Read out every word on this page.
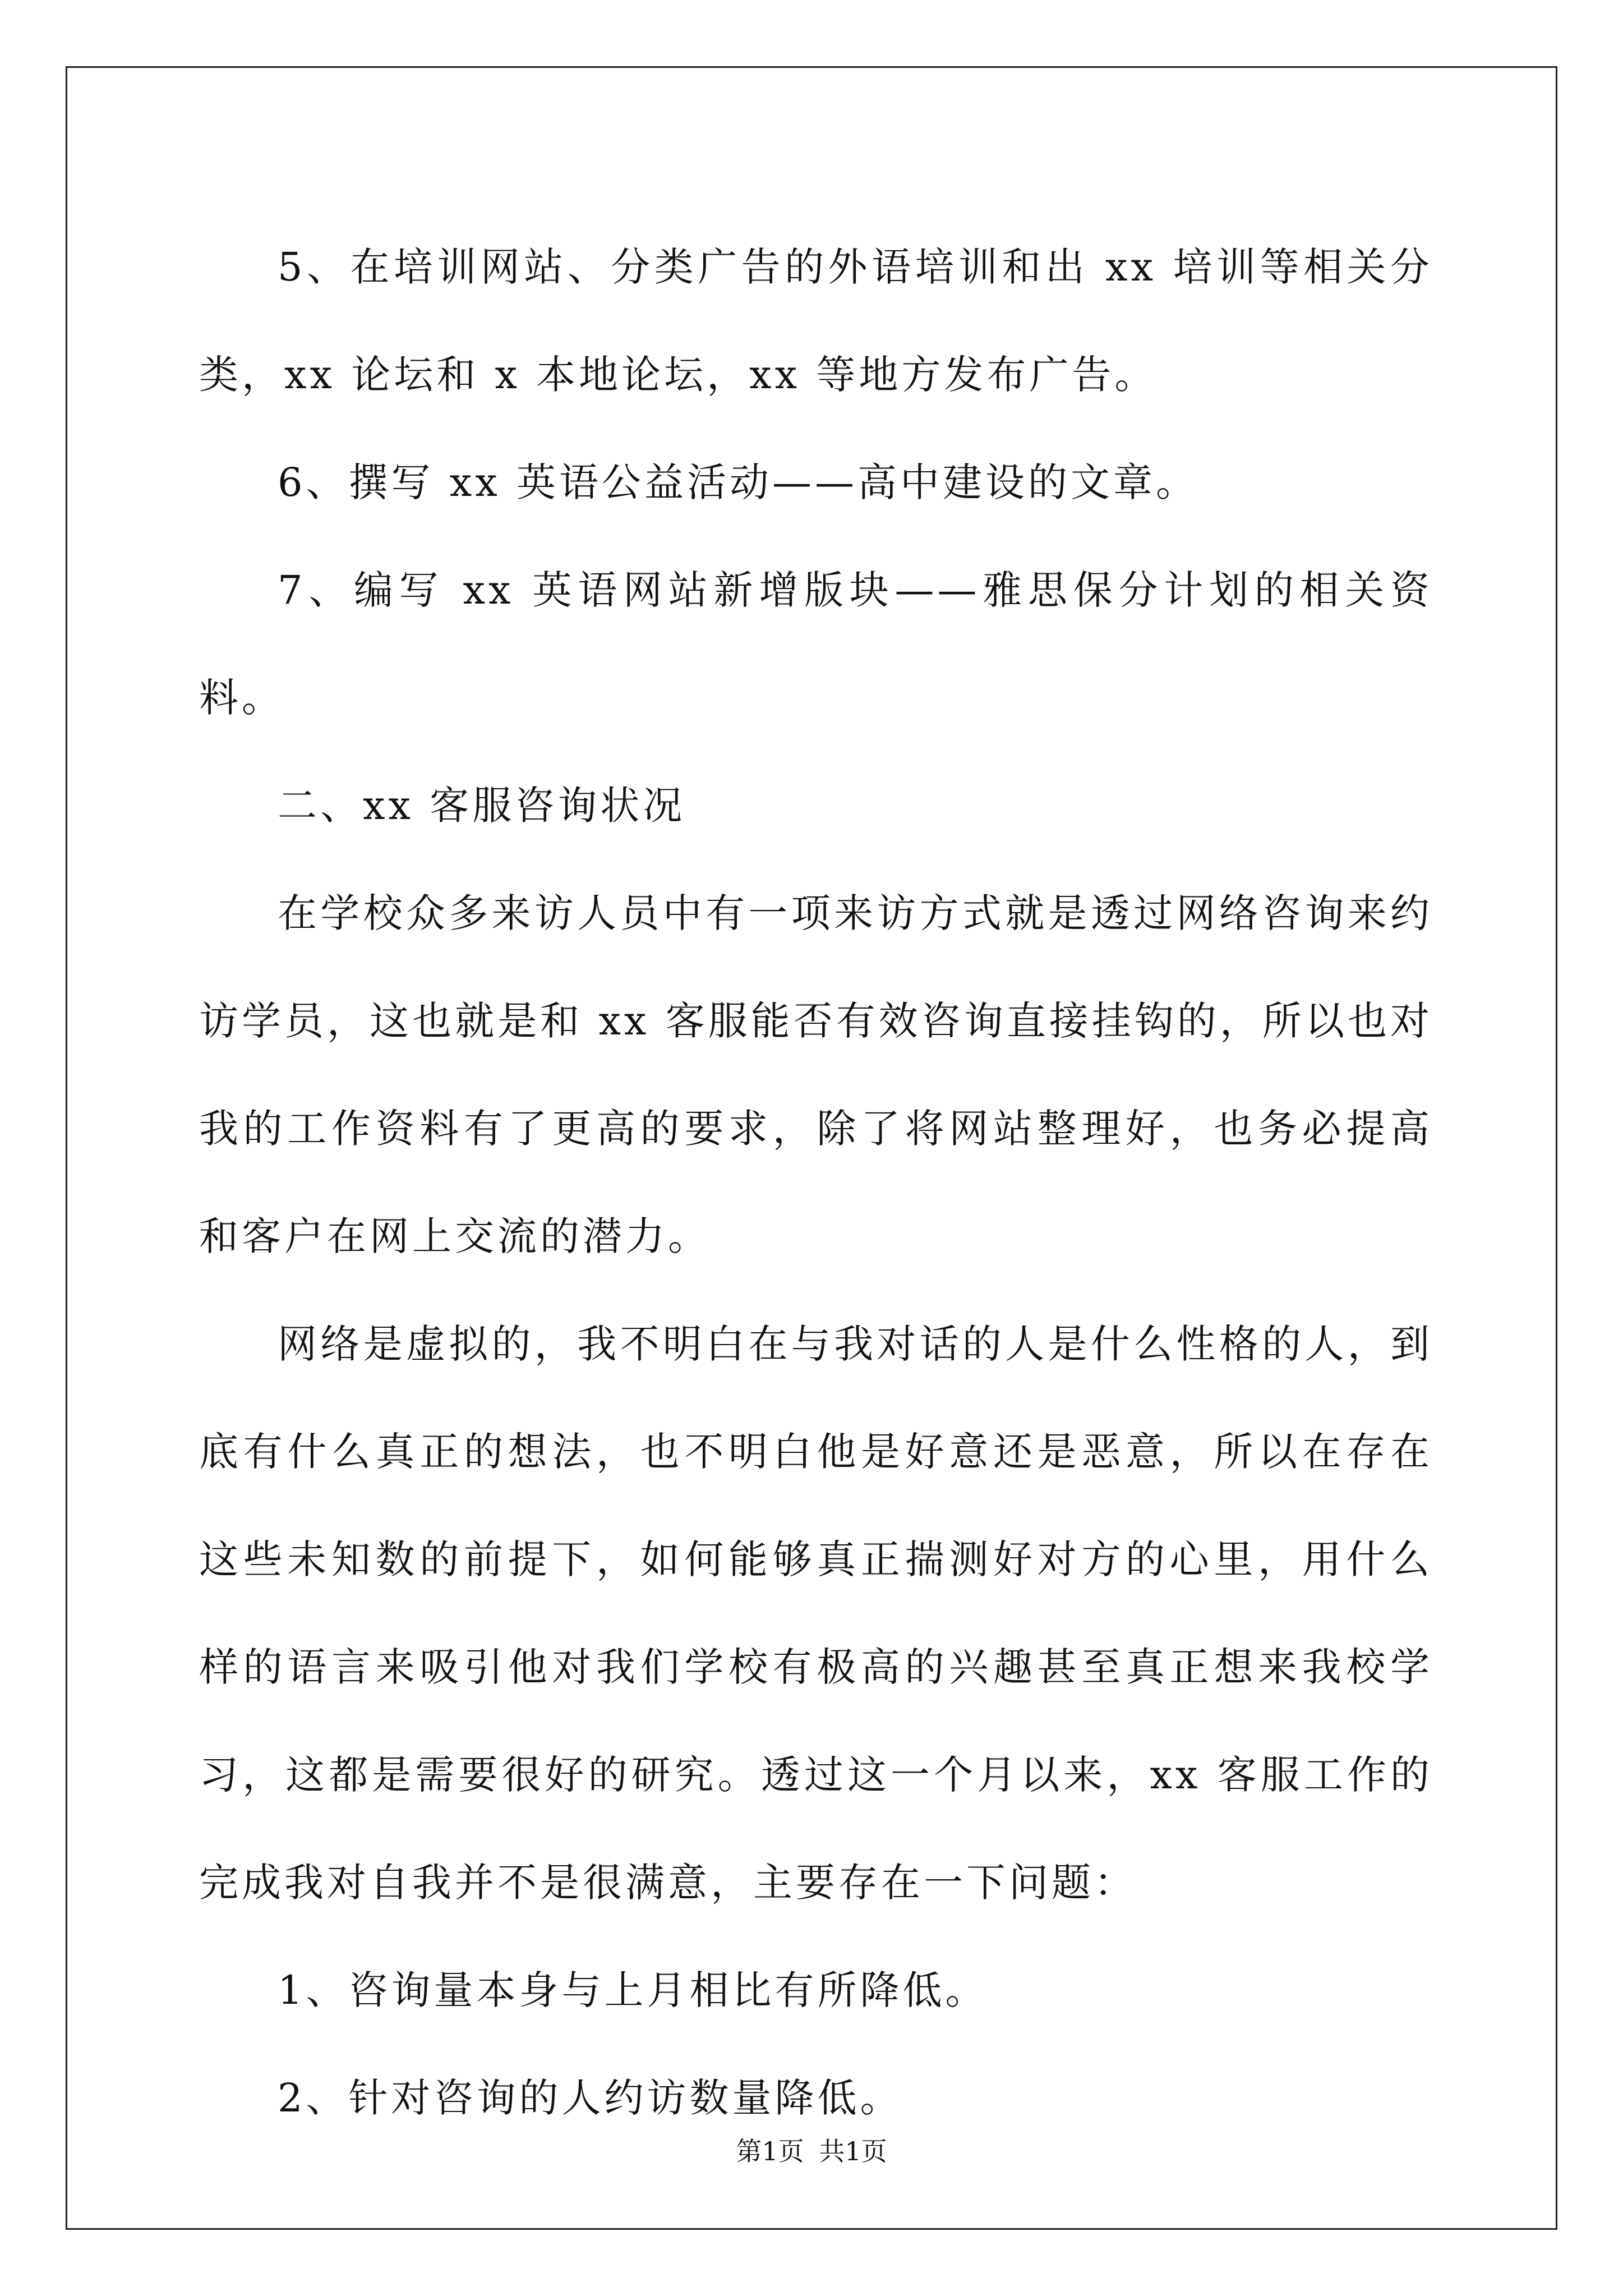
5、在培训网站、分类广告的外语培训和出 xx 培训等相关分类，xx 论坛和 x 本地论坛，xx 等地方发布广告。

6、撰写 xx 英语公益活动——高中建设的文章。

7、编写 xx 英语网站新增版块——雅思保分计划的相关资料。

二、xx 客服咨询状况

在学校众多来访人员中有一项来访方式就是透过网络咨询来约访学员，这也就是和 xx 客服能否有效咨询直接挂钩的，所以也对我的工作资料有了更高的要求，除了将网站整理好，也务必提高和客户在网上交流的潜力。

网络是虚拟的，我不明白在与我对话的人是什么性格的人，到底有什么真正的想法，也不明白他是好意还是恶意，所以在存在这些未知数的前提下，如何能够真正揣测好对方的心里，用什么样的语言来吸引他对我们学校有极高的兴趣甚至真正想来我校学习，这都是需要很好的研究。透过这一个月以来，xx 客服工作的完成我对自我并不是很满意，主要存在一下问题：

1、咨询量本身与上月相比有所降低。

2、针对咨询的人约访数量降低。

第1页 共1页
